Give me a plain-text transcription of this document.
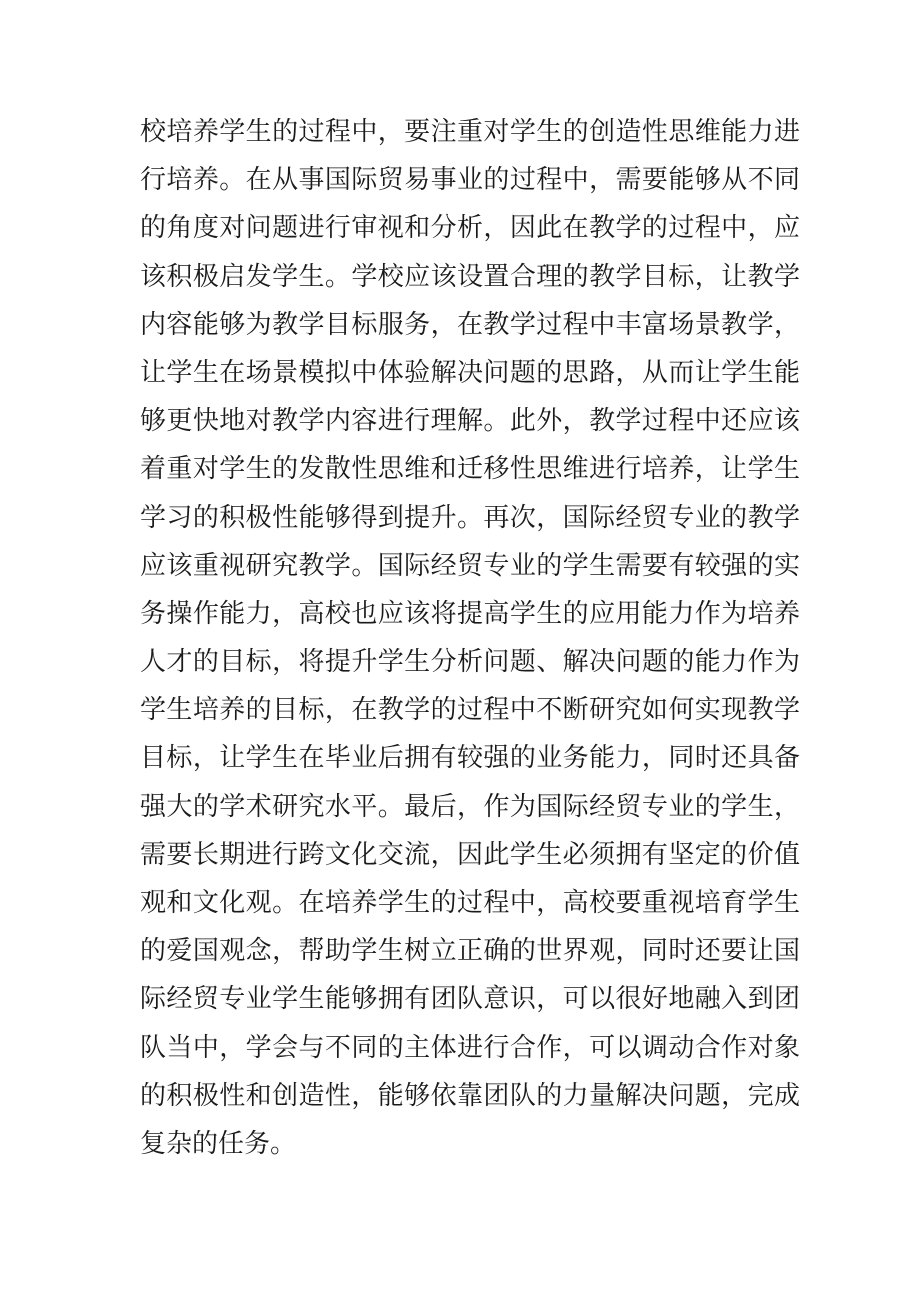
校培养学生的过程中，要注重对学生的创造性思维能力进
行培养。在从事国际贸易事业的过程中，需要能够从不同
的角度对问题进行审视和分析，因此在教学的过程中，应
该积极启发学生。学校应该设置合理的教学目标，让教学
内容能够为教学目标服务，在教学过程中丰富场景教学，
让学生在场景模拟中体验解决问题的思路，从而让学生能
够更快地对教学内容进行理解。此外，教学过程中还应该
着重对学生的发散性思维和迁移性思维进行培养，让学生
学习的积极性能够得到提升。再次，国际经贸专业的教学
应该重视研究教学。国际经贸专业的学生需要有较强的实
务操作能力，高校也应该将提高学生的应用能力作为培养
人才的目标，将提升学生分析问题、解决问题的能力作为
学生培养的目标，在教学的过程中不断研究如何实现教学
目标，让学生在毕业后拥有较强的业务能力，同时还具备
强大的学术研究水平。最后，作为国际经贸专业的学生，
需要长期进行跨文化交流，因此学生必须拥有坚定的价值
观和文化观。在培养学生的过程中，高校要重视培育学生
的爱国观念，帮助学生树立正确的世界观，同时还要让国
际经贸专业学生能够拥有团队意识，可以很好地融入到团
队当中，学会与不同的主体进行合作，可以调动合作对象
的积极性和创造性，能够依靠团队的力量解决问题，完成
复杂的任务。
